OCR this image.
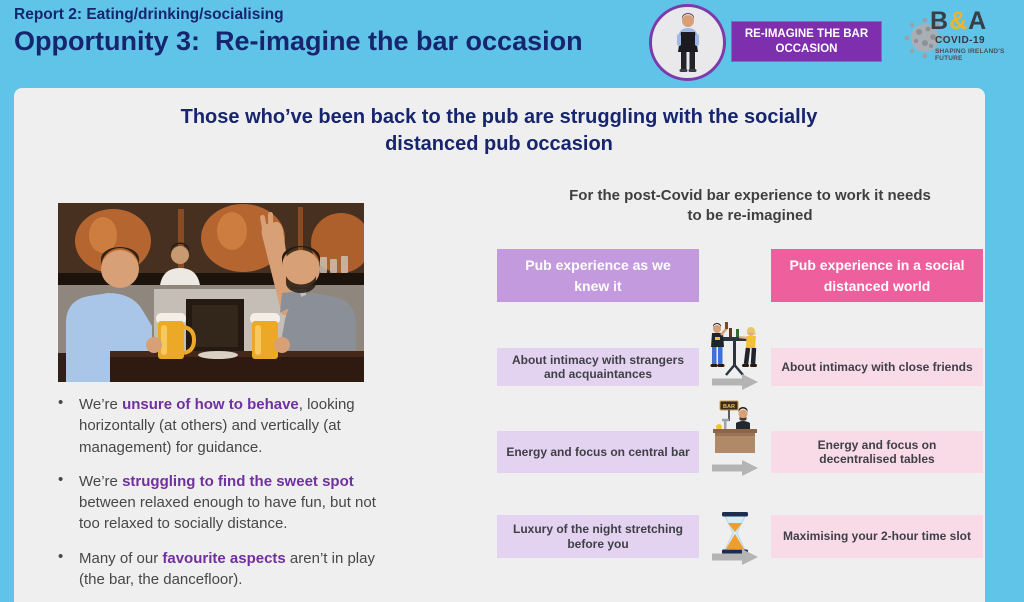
Report 2: Eating/drinking/socialising
Opportunity 3:  Re-imagine the bar occasion	RE-IMAGINE THE BAR OCCASION
B&A
COVID-19
SHAPING IRELAND'S FUTURE
Those who’ve been back to the pub are struggling with the socially distanced pub occasion

• We’re unsure of how to behave, looking horizontally (at others) and vertically (at management) for guidance.

• We’re struggling to find the sweet spot between relaxed enough to have fun, but not too relaxed to socially distance.

• Many of our favourite aspects aren’t in play (the bar, the dancefloor).

For the post-Covid bar experience to work it needs to be re-imagined
Pub experience as we knew it
Pub experience in a social distanced world
About intimacy with strangers and acquaintances
About intimacy with close friends
Energy and focus on central bar
Energy and focus on decentralised tables
Luxury of the night stretching before you
Maximising your 2-hour time slot
BAR
